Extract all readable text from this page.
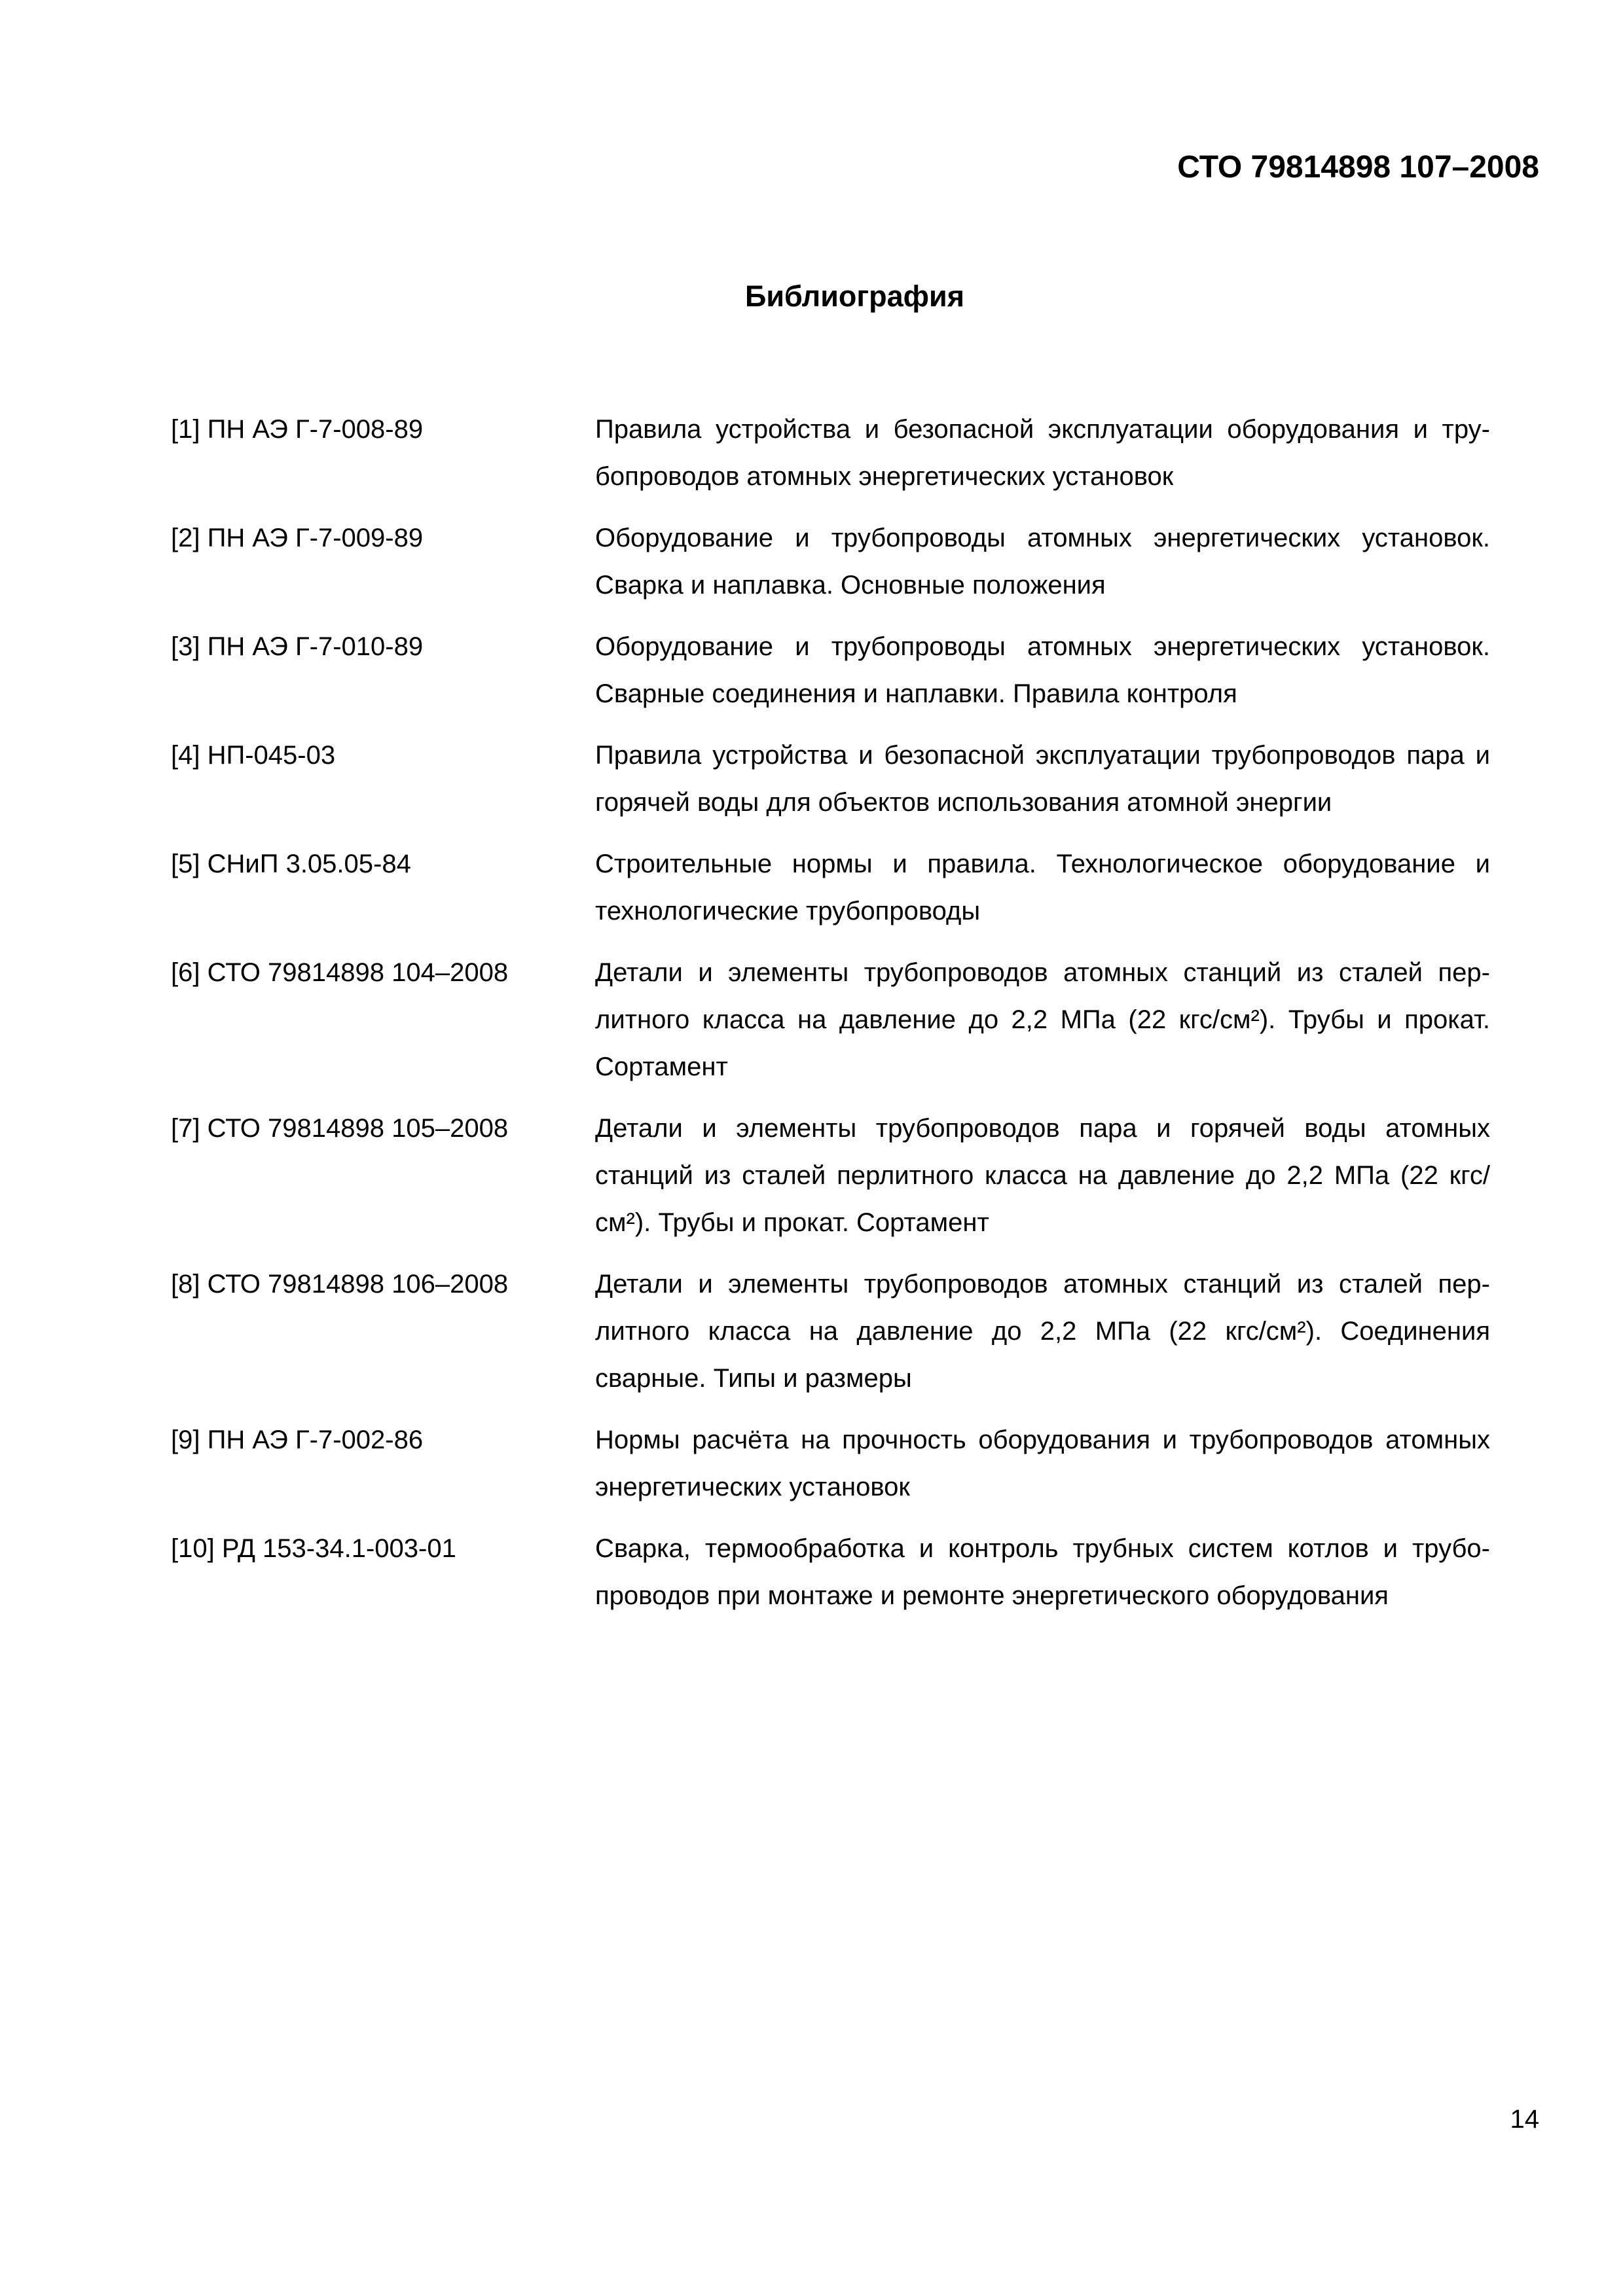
СТО 79814898 107–2008
Библиография
[1] ПН АЭ Г-7-008-89	Правила устройства и безопасной эксплуатации оборудования и трубопроводов атомных энергетических установок
[2] ПН АЭ Г-7-009-89	Оборудование и трубопроводы атомных энергетических установок. Сварка и наплавка. Основные положения
[3] ПН АЭ Г-7-010-89	Оборудование и трубопроводы атомных энергетических установок. Сварные соединения и наплавки. Правила контроля
[4] НП-045-03	Правила устройства и безопасной эксплуатации трубопроводов пара и горячей воды для объектов использования атомной энергии
[5] СНиП 3.05.05-84	Строительные нормы и правила. Технологическое оборудование и технологические трубопроводы
[6] СТО 79814898 104–2008	Детали и элементы трубопроводов атомных станций из сталей перлитного класса на давление до 2,2 МПа (22 кгс/см²). Трубы и прокат. Сортамент
[7] СТО 79814898 105–2008	Детали и элементы трубопроводов пара и горячей воды атомных станций из сталей перлитного класса на давление до 2,2 МПа (22 кгс/см²). Трубы и прокат. Сортамент
[8] СТО 79814898 106–2008	Детали и элементы трубопроводов атомных станций из сталей перлитного класса на давление до 2,2 МПа (22 кгс/см²). Соединения сварные. Типы и размеры
[9] ПН АЭ Г-7-002-86	Нормы расчёта на прочность оборудования и трубопроводов атомных энергетических установок
[10] РД 153-34.1-003-01	Сварка, термообработка и контроль трубных систем котлов и трубопроводов при монтаже и ремонте энергетического оборудования
14
